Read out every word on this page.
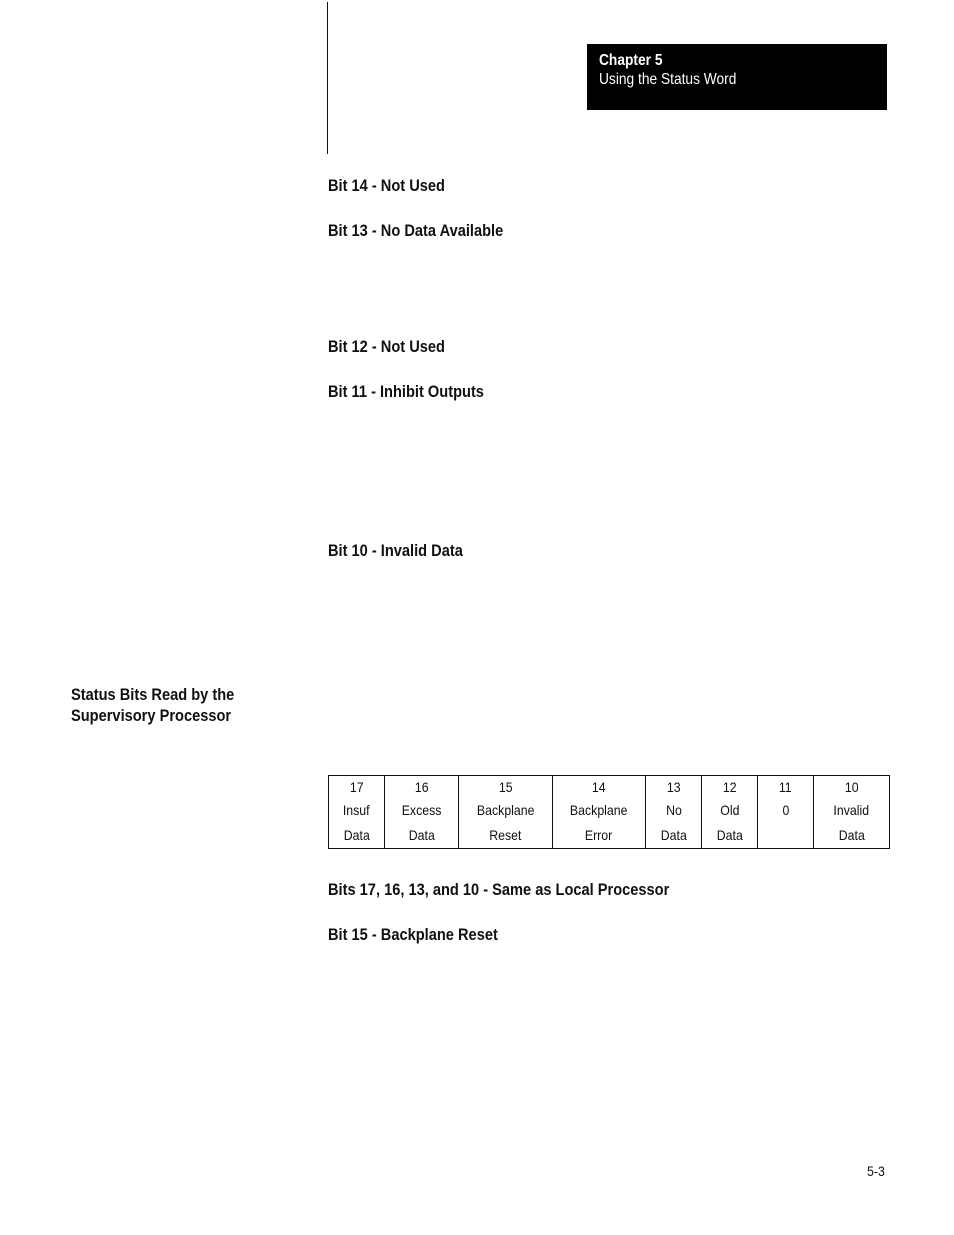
Chapter 5
Using the Status Word
Bit 14 - Not Used
Bit 13 - No Data Available
Bit 12 - Not Used
Bit 11 - Inhibit Outputs
Bit 10 - Invalid Data
Status Bits Read by the
Supervisory Processor
17	16	15	14	13	12	11	10
Insuf	Excess	Backplane	Backplane	No	Old	0	Invalid
Data	Data	Reset	Error	Data	Data		Data
Bits 17, 16, 13, and 10 - Same as Local Processor
Bit 15 - Backplane Reset
5-3
